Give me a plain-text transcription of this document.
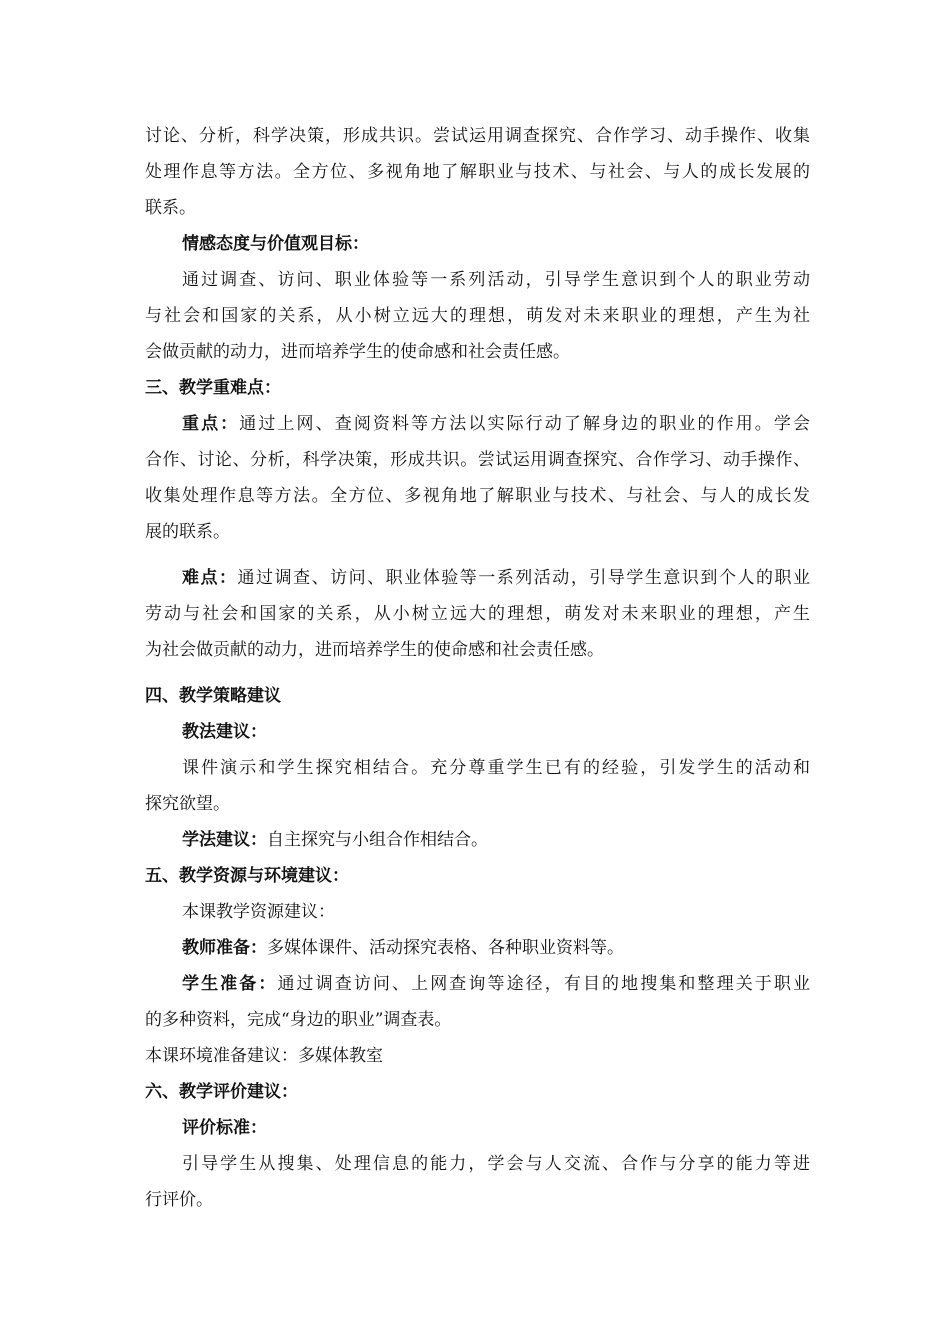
讨论、分析，科学决策，形成共识。尝试运用调查探究、合作学习、动手操作、收集
处理作息等方法。全方位、多视角地了解职业与技术、与社会、与人的成长发展的
联系。
情感态度与价值观目标：
通过调查、访问、职业体验等一系列活动，引导学生意识到个人的职业劳动
与社会和国家的关系，从小树立远大的理想，萌发对未来职业的理想，产生为社
会做贡献的动力，进而培养学生的使命感和社会责任感。
三、教学重难点：
重点：通过上网、查阅资料等方法以实际行动了解身边的职业的作用。学会
合作、讨论、分析，科学决策，形成共识。尝试运用调查探究、合作学习、动手操作、
收集处理作息等方法。全方位、多视角地了解职业与技术、与社会、与人的成长发
展的联系。
难点：通过调查、访问、职业体验等一系列活动，引导学生意识到个人的职业
劳动与社会和国家的关系，从小树立远大的理想，萌发对未来职业的理想，产生
为社会做贡献的动力，进而培养学生的使命感和社会责任感。
四、教学策略建议
教法建议：
课件演示和学生探究相结合。充分尊重学生已有的经验，引发学生的活动和
探究欲望。
学法建议：自主探究与小组合作相结合。
五、教学资源与环境建议：
本课教学资源建议：
教师准备：多媒体课件、活动探究表格、各种职业资料等。
学生准备：通过调查访问、上网查询等途径，有目的地搜集和整理关于职业
的多种资料，完成“身边的职业”调查表。
本课环境准备建议：多媒体教室
六、教学评价建议：
评价标准：
引导学生从搜集、处理信息的能力，学会与人交流、合作与分享的能力等进
行评价。
